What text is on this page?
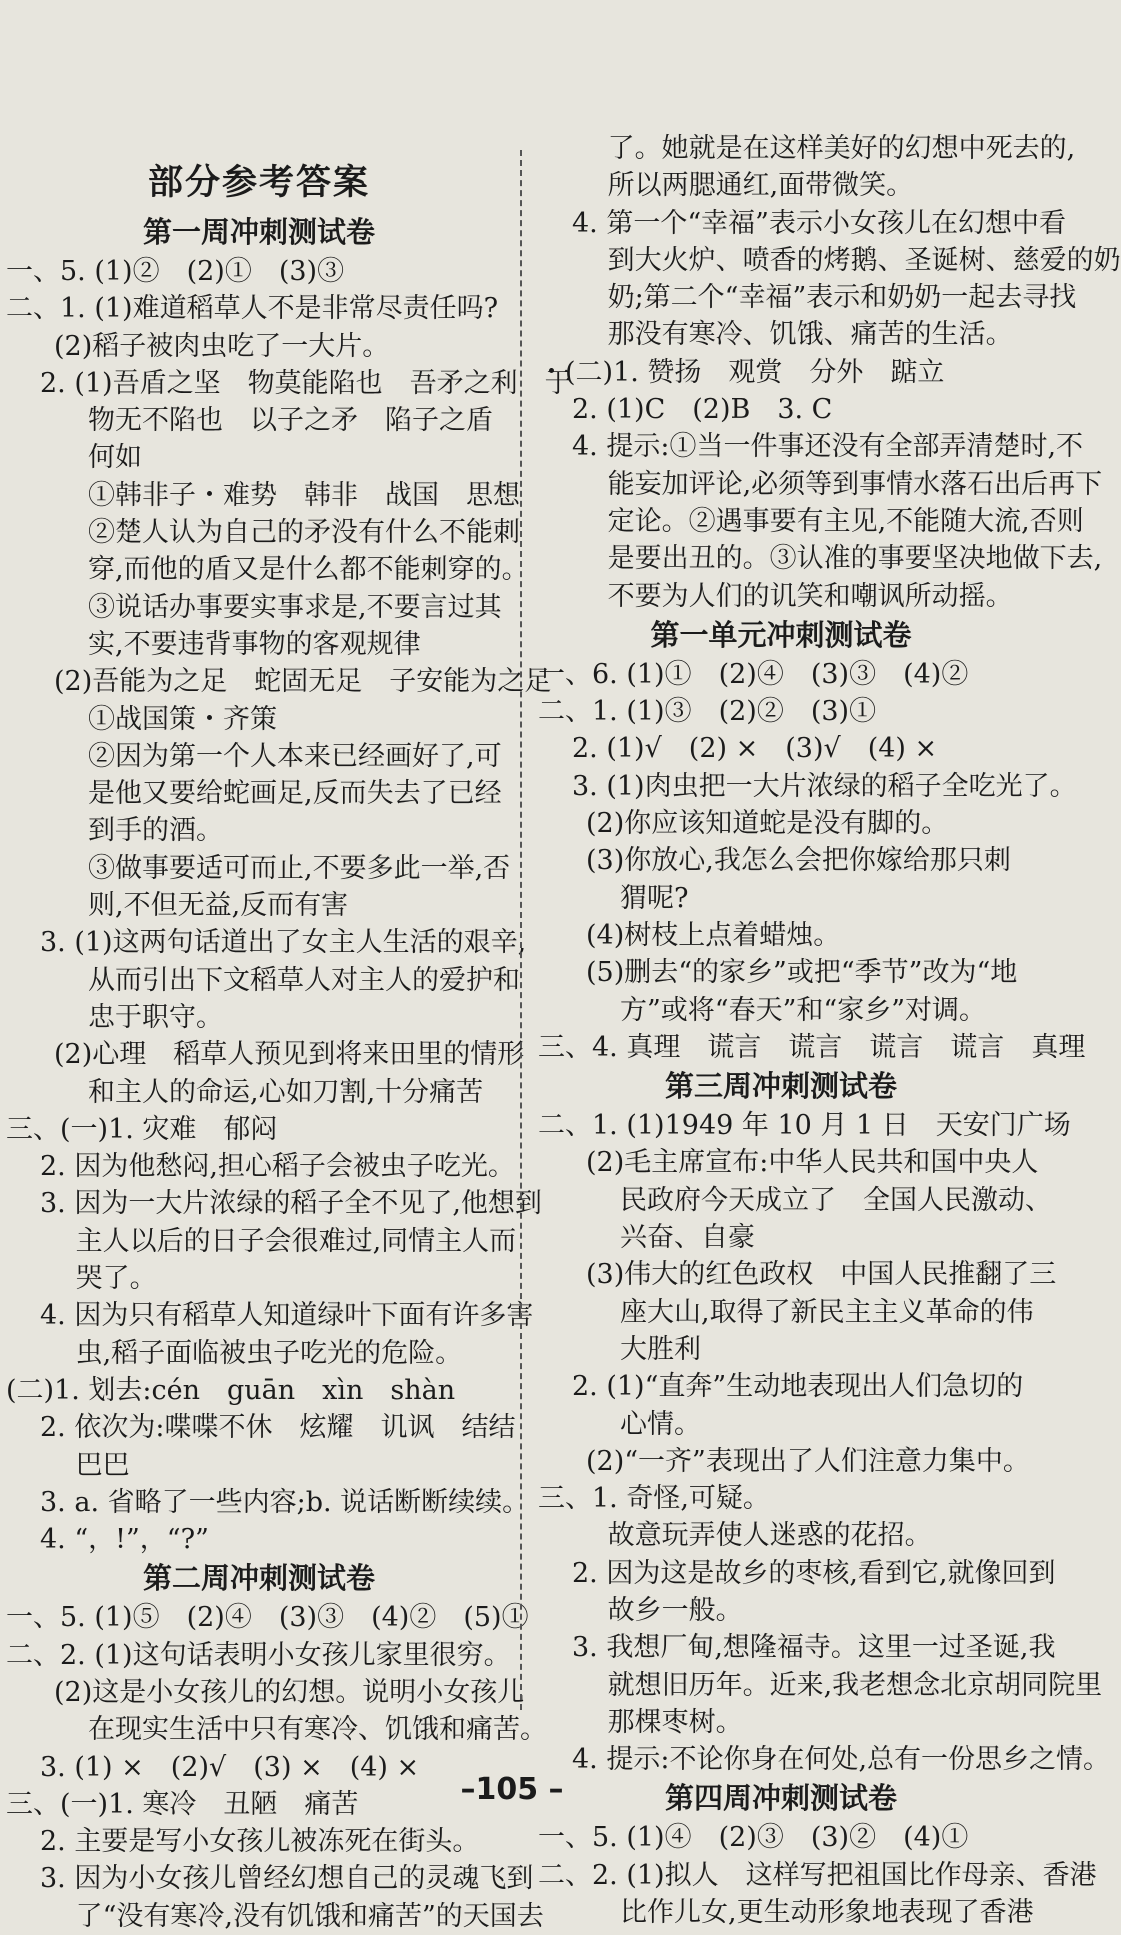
部分参考答案
第一周冲刺测试卷
一、5. (1)②　(2)①　(3)③
二、1. (1)难道稻草人不是非常尽责任吗?
(2)稻子被肉虫吃了一大片。
2. (1)吾盾之坚　物莫能陷也　吾矛之利　于
物无不陷也　以子之矛　陷子之盾
何如
①韩非子・难势　韩非　战国　思想
②楚人认为自己的矛没有什么不能刺
穿,而他的盾又是什么都不能刺穿的。
③说话办事要实事求是,不要言过其
实,不要违背事物的客观规律
(2)吾能为之足　蛇固无足　子安能为之足
①战国策・齐策
②因为第一个人本来已经画好了,可
是他又要给蛇画足,反而失去了已经
到手的酒。
③做事要适可而止,不要多此一举,否
则,不但无益,反而有害
3. (1)这两句话道出了女主人生活的艰辛,
从而引出下文稻草人对主人的爱护和
忠于职守。
(2)心理　稻草人预见到将来田里的情形
和主人的命运,心如刀割,十分痛苦
三、(一)1. 灾难　郁闷
2. 因为他愁闷,担心稻子会被虫子吃光。
3. 因为一大片浓绿的稻子全不见了,他想到
　 主人以后的日子会很难过,同情主人而
　 哭了。
4. 因为只有稻草人知道绿叶下面有许多害
　 虫,稻子面临被虫子吃光的危险。
(二)1. 划去:cén　guān　xìn　shàn
2. 依次为:喋喋不休　炫耀　讥讽　结结
　 巴巴
3. a. 省略了一些内容;b. 说话断断续续。
4. “，!”，“?”
第二周冲刺测试卷
一、5. (1)⑤　(2)④　(3)③　(4)②　(5)①
二、2. (1)这句话表明小女孩儿家里很穷。
(2)这是小女孩儿的幻想。说明小女孩儿
在现实生活中只有寒冷、饥饿和痛苦。
3. (1) ×　(2)√　(3) ×　(4) ×
三、(一)1. 寒冷　丑陋　痛苦
2. 主要是写小女孩儿被冻死在街头。
3. 因为小女孩儿曾经幻想自己的灵魂飞到
　 了“没有寒冷,没有饥饿和痛苦”的天国去
　 了。她就是在这样美好的幻想中死去的,
　 所以两腮通红,面带微笑。
4. 第一个“幸福”表示小女孩儿在幻想中看
　 到大火炉、喷香的烤鹅、圣诞树、慈爱的奶
　 奶;第二个“幸福”表示和奶奶一起去寻找
　 那没有寒冷、饥饿、痛苦的生活。
・(二)1. 赞扬　观赏　分外　踮立
2. (1)C　(2)B　3. C
4. 提示:①当一件事还没有全部弄清楚时,不
　 能妄加评论,必须等到事情水落石出后再下
　 定论。②遇事要有主见,不能随大流,否则
　 是要出丑的。③认准的事要坚决地做下去,
　 不要为人们的讥笑和嘲讽所动摇。
第一单元冲刺测试卷
一、6. (1)①　(2)④　(3)③　(4)②
二、1. (1)③　(2)②　(3)①
2. (1)√　(2) ×　(3)√　(4) ×
3. (1)肉虫把一大片浓绿的稻子全吃光了。
(2)你应该知道蛇是没有脚的。
(3)你放心,我怎么会把你嫁给那只刺
猬呢?
(4)树枝上点着蜡烛。
(5)删去“的家乡”或把“季节”改为“地
方”或将“春天”和“家乡”对调。
三、4. 真理　谎言　谎言　谎言　谎言　真理
第三周冲刺测试卷
二、1. (1)1949 年 10 月 1 日　天安门广场
(2)毛主席宣布:中华人民共和国中央人
民政府今天成立了　全国人民激动、
兴奋、自豪
(3)伟大的红色政权　中国人民推翻了三
座大山,取得了新民主主义革命的伟
大胜利
2. (1)“直奔”生动地表现出人们急切的
心情。
(2)“一齐”表现出了人们注意力集中。
三、1. 奇怪,可疑。
　 故意玩弄使人迷惑的花招。
2. 因为这是故乡的枣核,看到它,就像回到
　 故乡一般。
3. 我想厂甸,想隆福寺。这里一过圣诞,我
　 就想旧历年。近来,我老想念北京胡同院里
　 那棵枣树。
4. 提示:不论你身在何处,总有一份思乡之情。
第四周冲刺测试卷
一、5. (1)④　(2)③　(3)②　(4)①
二、2. (1)拟人　这样写把祖国比作母亲、香港
比作儿女,更生动形象地表现了香港
–105 –
